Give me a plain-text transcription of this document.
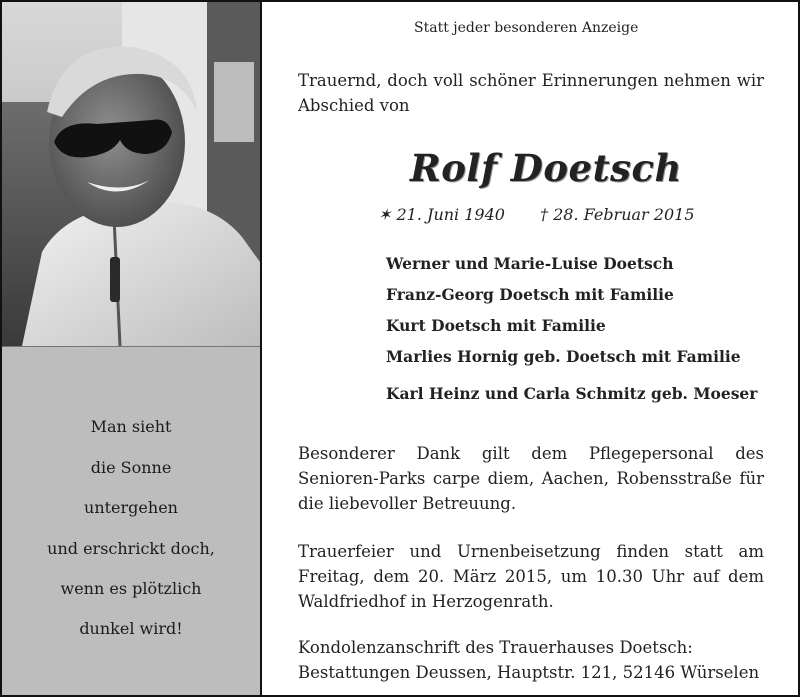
Man sieht
die Sonne
untergehen
und erschrickt doch,
wenn es plötzlich
dunkel wird!
Statt jeder besonderen Anzeige
Trauernd, doch voll schöner Erinnerungen nehmen wir Abschied von
Rolf Doetsch
✶ 21. Juni 1940 † 28. Februar 2015
Werner und Marie-Luise Doetsch
Franz-Georg Doetsch mit Familie
Kurt Doetsch mit Familie
Marlies Hornig geb. Doetsch mit Familie
Karl Heinz und Carla Schmitz geb. Moeser
Besonderer Dank gilt dem Pflegepersonal des Senioren-Parks carpe diem, Aachen, Robensstraße für die liebevoller Betreuung.
Trauerfeier und Urnenbeisetzung finden statt am Freitag, dem 20. März 2015, um 10.30 Uhr auf dem Waldfriedhof in Herzogenrath.
Kondolenzanschrift des Trauerhauses Doetsch:
Bestattungen Deussen, Hauptstr. 121, 52146 Würselen
